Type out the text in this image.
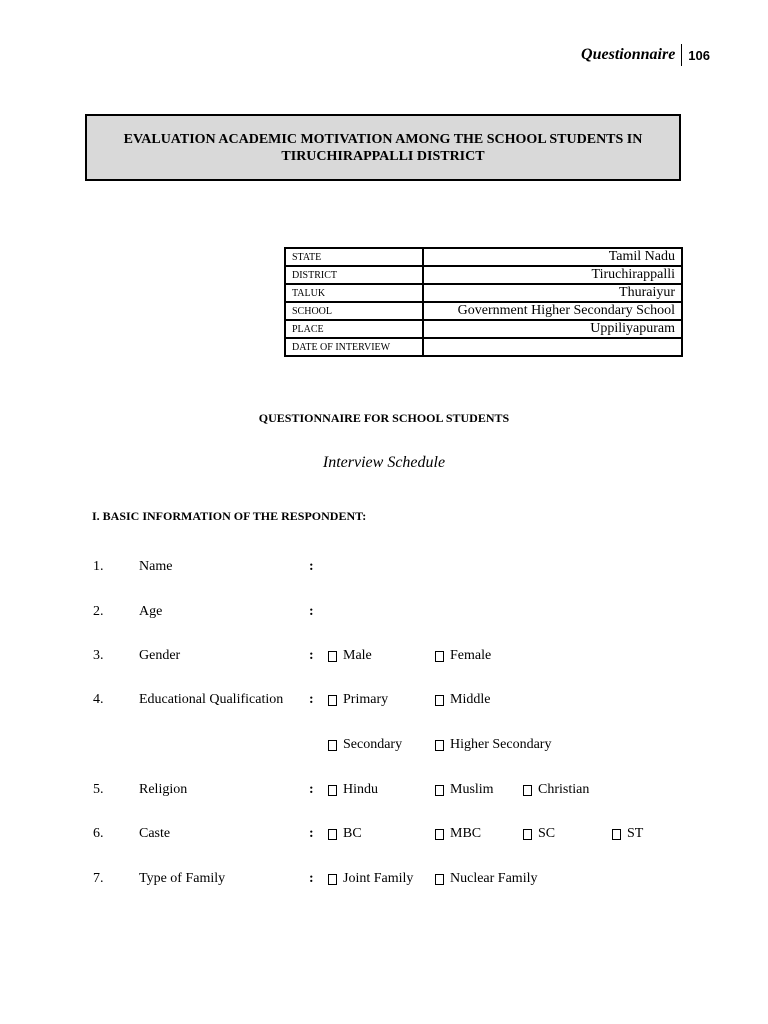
Questionnaire	106
EVALUATION ACADEMIC MOTIVATION AMONG THE SCHOOL STUDENTS IN
TIRUCHIRAPPALLI DISTRICT
STATE	Tamil Nadu
DISTRICT	Tiruchirappalli
TALUK	Thuraiyur
SCHOOL	Government Higher Secondary School
PLACE	Uppiliyapuram
DATE OF INTERVIEW	
QUESTIONNAIRE FOR SCHOOL STUDENTS
Interview Schedule
I. BASIC INFORMATION OF THE RESPONDENT:
1.	Name	:
2.	Age	:
3.	Gender	: Male	Female
4.	Educational Qualification : Primary	Middle
Secondary	Higher Secondary
5.	Religion	: Hindu	Muslim	Christian
6.	Caste	: BC	MBC	SC	ST
7.	Type of Family	: Joint Family	Nuclear Family
